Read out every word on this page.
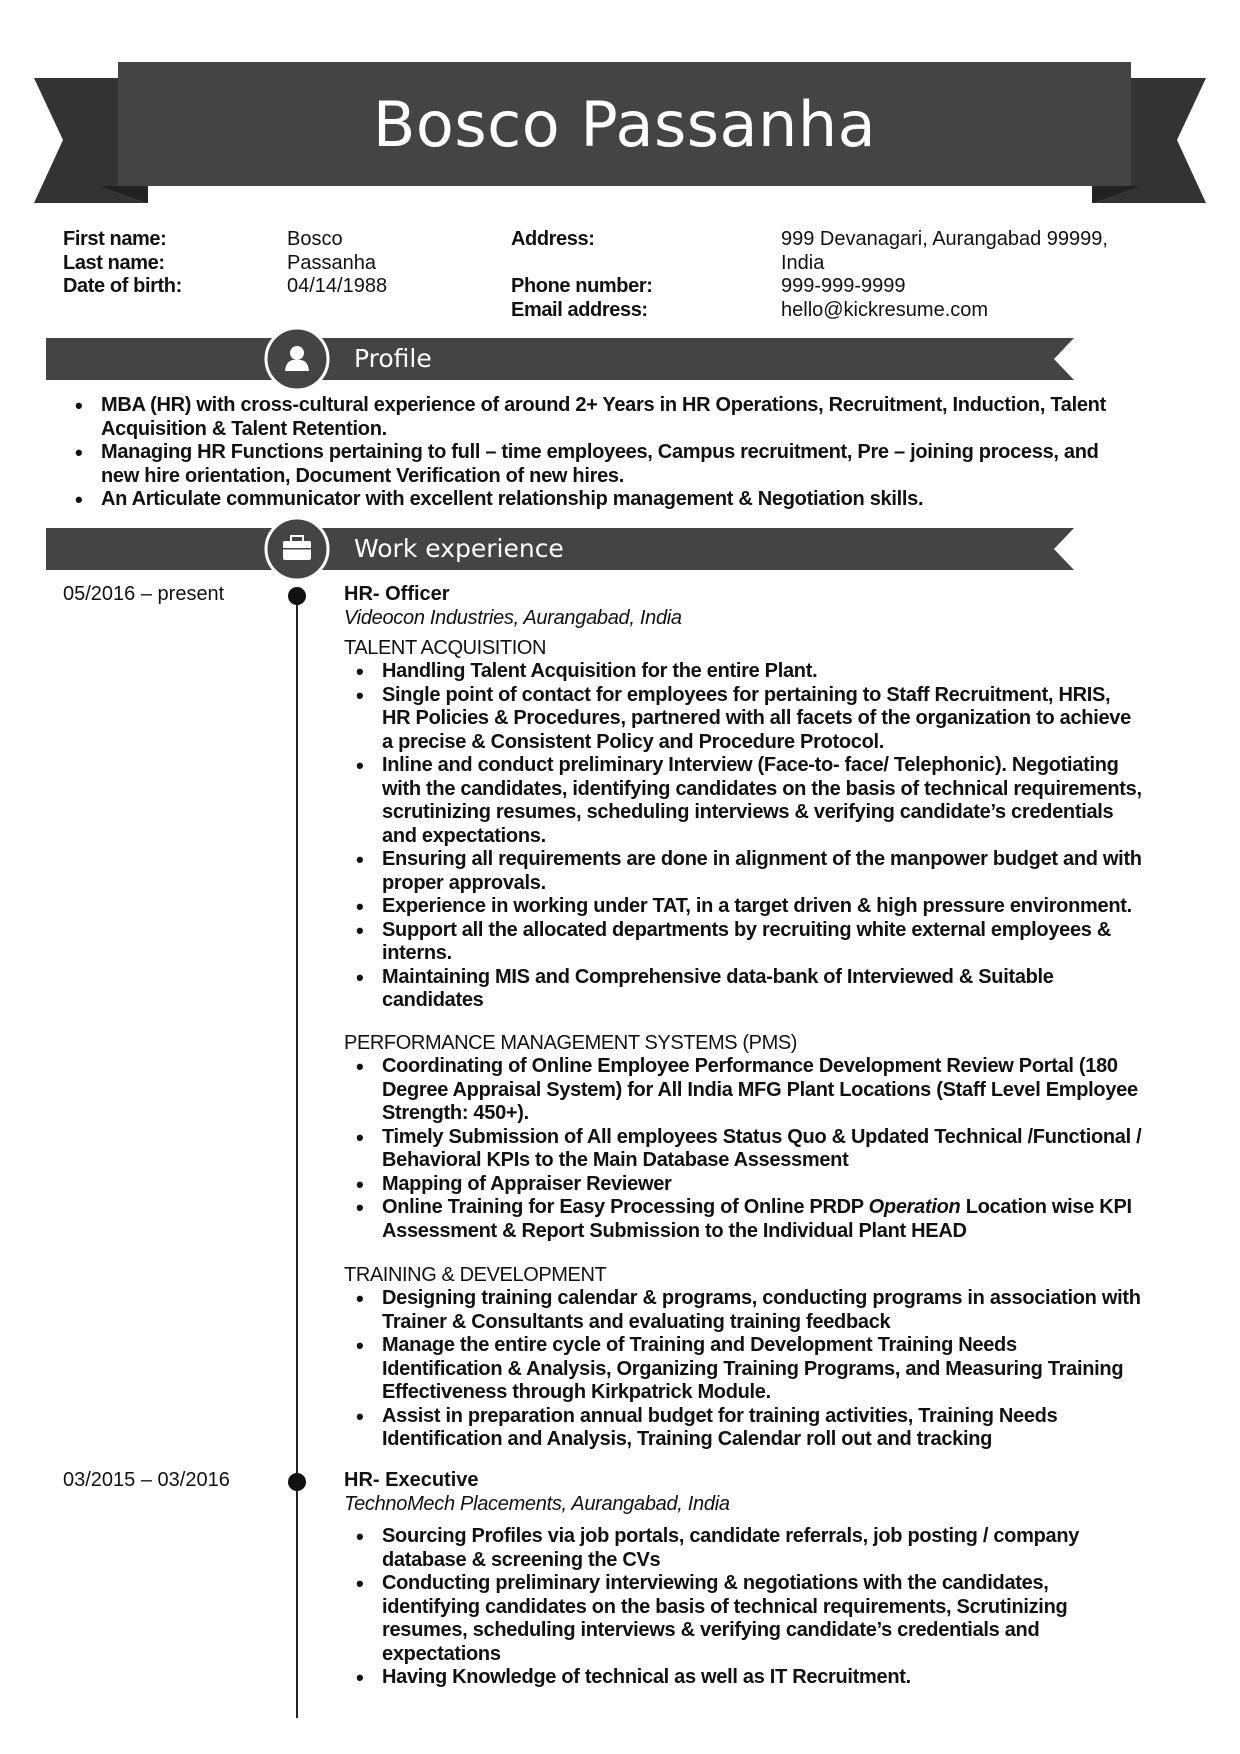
Bosco Passanha
First name:
Last name:
Date of birth:
Bosco
Passanha
04/14/1988
Address:

Phone number:
Email address:
999 Devanagari, Aurangabad 99999,
India
999-999-9999
hello@kickresume.com
Profile
• MBA (HR) with cross-cultural experience of around 2+ Years in HR Operations, Recruitment, Induction, Talent
Acquisition & Talent Retention.
• Managing HR Functions pertaining to full – time employees, Campus recruitment, Pre – joining process, and
new hire orientation, Document Verification of new hires.
• An Articulate communicator with excellent relationship management & Negotiation skills.
Work experience
05/2016 – present	HR- Officer
Videocon Industries, Aurangabad, India
TALENT ACQUISITION
• Handling Talent Acquisition for the entire Plant.
• Single point of contact for employees for pertaining to Staff Recruitment, HRIS,
HR Policies & Procedures, partnered with all facets of the organization to achieve
a precise & Consistent Policy and Procedure Protocol.
• Inline and conduct preliminary Interview (Face-to- face/ Telephonic). Negotiating
with the candidates, identifying candidates on the basis of technical requirements,
scrutinizing resumes, scheduling interviews & verifying candidate’s credentials
and expectations.
• Ensuring all requirements are done in alignment of the manpower budget and with
proper approvals.
• Experience in working under TAT, in a target driven & high pressure environment.
• Support all the allocated departments by recruiting white external employees &
interns.
• Maintaining MIS and Comprehensive data-bank of Interviewed & Suitable
candidates
PERFORMANCE MANAGEMENT SYSTEMS (PMS)
• Coordinating of Online Employee Performance Development Review Portal (180
Degree Appraisal System) for All India MFG Plant Locations (Staff Level Employee
Strength: 450+).
• Timely Submission of All employees Status Quo & Updated Technical /Functional /
Behavioral KPIs to the Main Database Assessment
• Mapping of Appraiser Reviewer
• Online Training for Easy Processing of Online PRDP Operation Location wise KPI
Assessment & Report Submission to the Individual Plant HEAD
TRAINING & DEVELOPMENT
• Designing training calendar & programs, conducting programs in association with
Trainer & Consultants and evaluating training feedback
• Manage the entire cycle of Training and Development Training Needs
Identification & Analysis, Organizing Training Programs, and Measuring Training
Effectiveness through Kirkpatrick Module.
• Assist in preparation annual budget for training activities, Training Needs
Identification and Analysis, Training Calendar roll out and tracking
03/2015 – 03/2016	HR- Executive
TechnoMech Placements, Aurangabad, India
• Sourcing Profiles via job portals, candidate referrals, job posting / company
database & screening the CVs
• Conducting preliminary interviewing & negotiations with the candidates,
identifying candidates on the basis of technical requirements, Scrutinizing
resumes, scheduling interviews & verifying candidate’s credentials and
expectations
• Having Knowledge of technical as well as IT Recruitment.
